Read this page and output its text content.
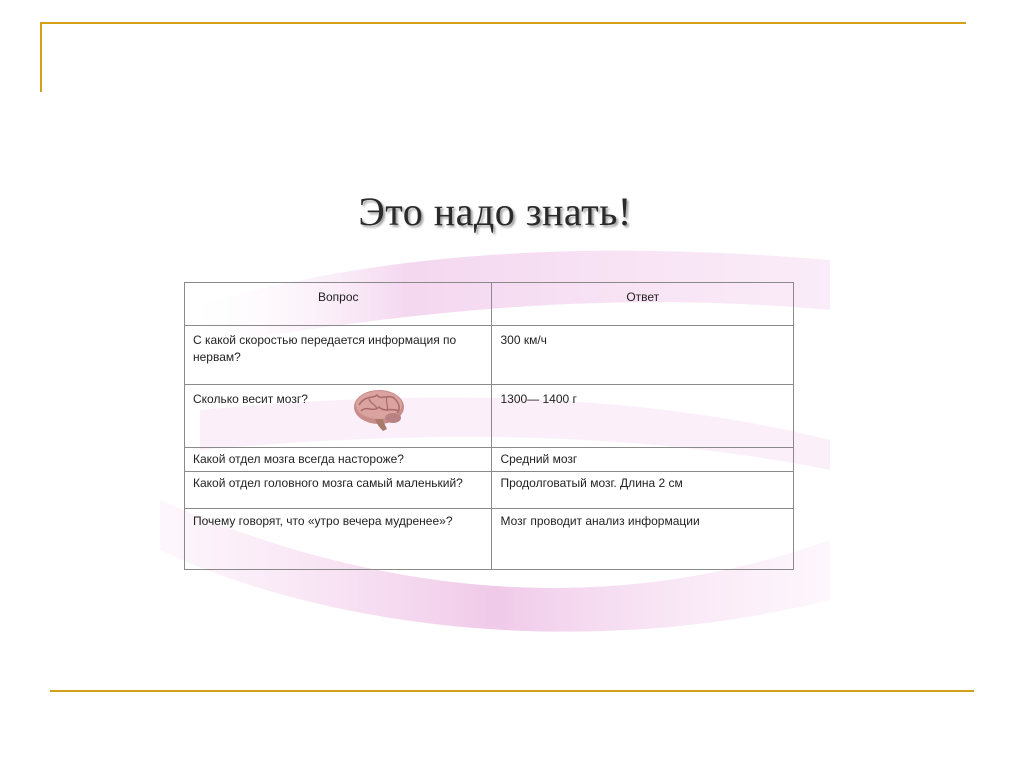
Это надо знать!
Вопрос	Ответ
С какой скоростью передается информация по нервам?	300 км/ч

Сколько весит мозг?	1300— 1400 г
Какой отдел мозга всегда настороже?	Средний мозг
Какой отдел головного мозга самый маленький?	Продолговатый мозг. Длина 2 см
Почему говорят, что «утро вечера мудренее»?	Мозг проводит анализ информации
